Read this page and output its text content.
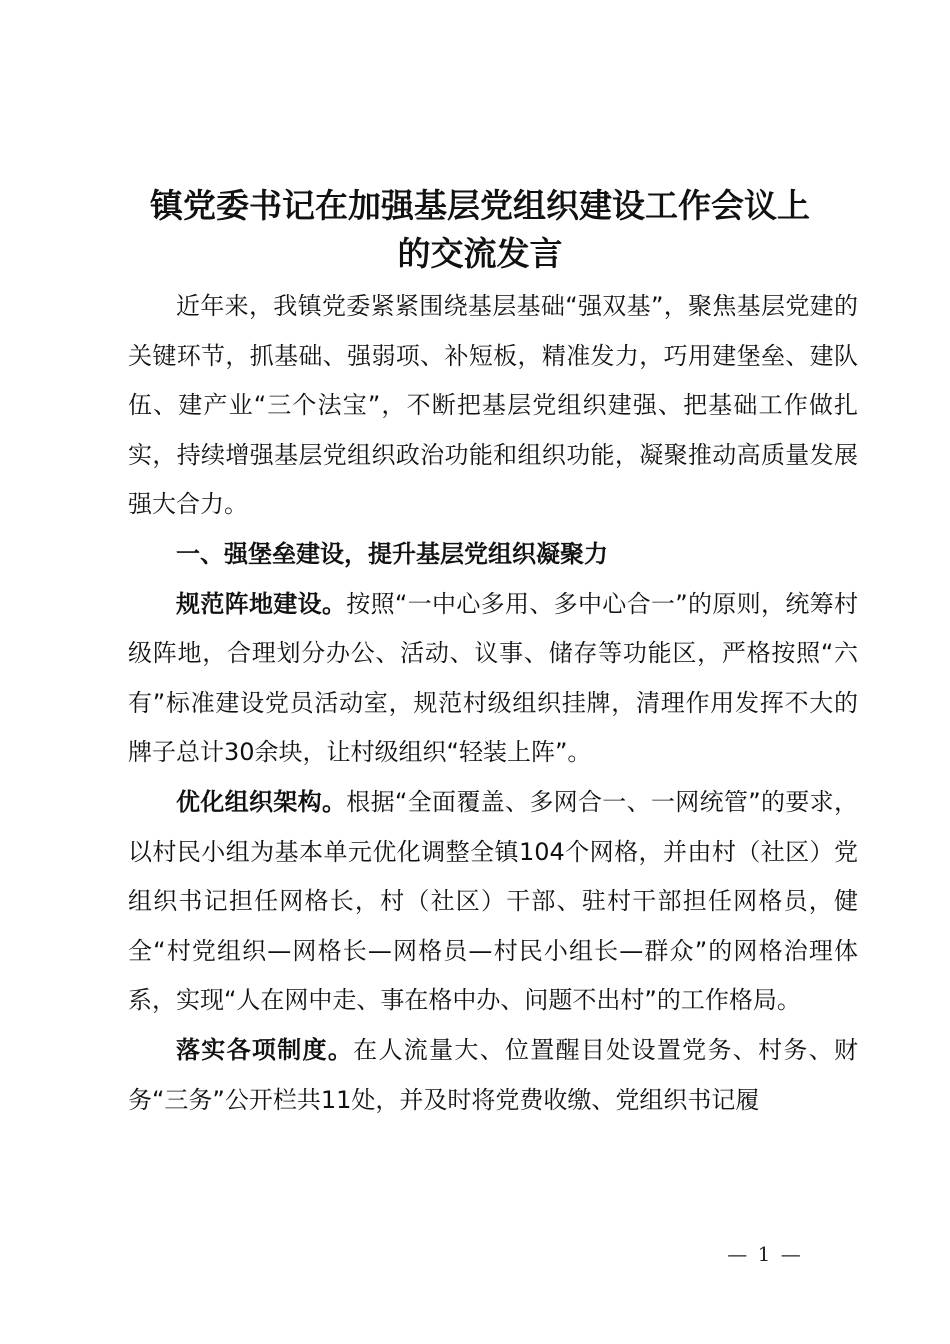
镇党委书记在加强基层党组织建设工作会议上
的交流发言

近年来，我镇党委紧紧围绕基层基础“强双基”，聚焦基层党建的关键环节，抓基础、强弱项、补短板，精准发力，巧用建堡垒、建队伍、建产业“三个法宝”，不断把基层党组织建强、把基础工作做扎实，持续增强基层党组织政治功能和组织功能，凝聚推动高质量发展强大合力。

一、强堡垒建设，提升基层党组织凝聚力

规范阵地建设。按照“一中心多用、多中心合一”的原则，统筹村级阵地，合理划分办公、活动、议事、储存等功能区，严格按照“六有”标准建设党员活动室，规范村级组织挂牌，清理作用发挥不大的牌子总计30余块，让村级组织“轻装上阵”。

优化组织架构。根据“全面覆盖、多网合一、一网统管”的要求，以村民小组为基本单元优化调整全镇104个网格，并由村（社区）党组织书记担任网格长，村（社区）干部、驻村干部担任网格员，健全“村党组织—网格长—网格员—村民小组长—群众”的网格治理体系，实现“人在网中走、事在格中办、问题不出村”的工作格局。

落实各项制度。在人流量大、位置醒目处设置党务、村务、财务“三务”公开栏共11处，并及时将党费收缴、党组织书记履

— 1 —
